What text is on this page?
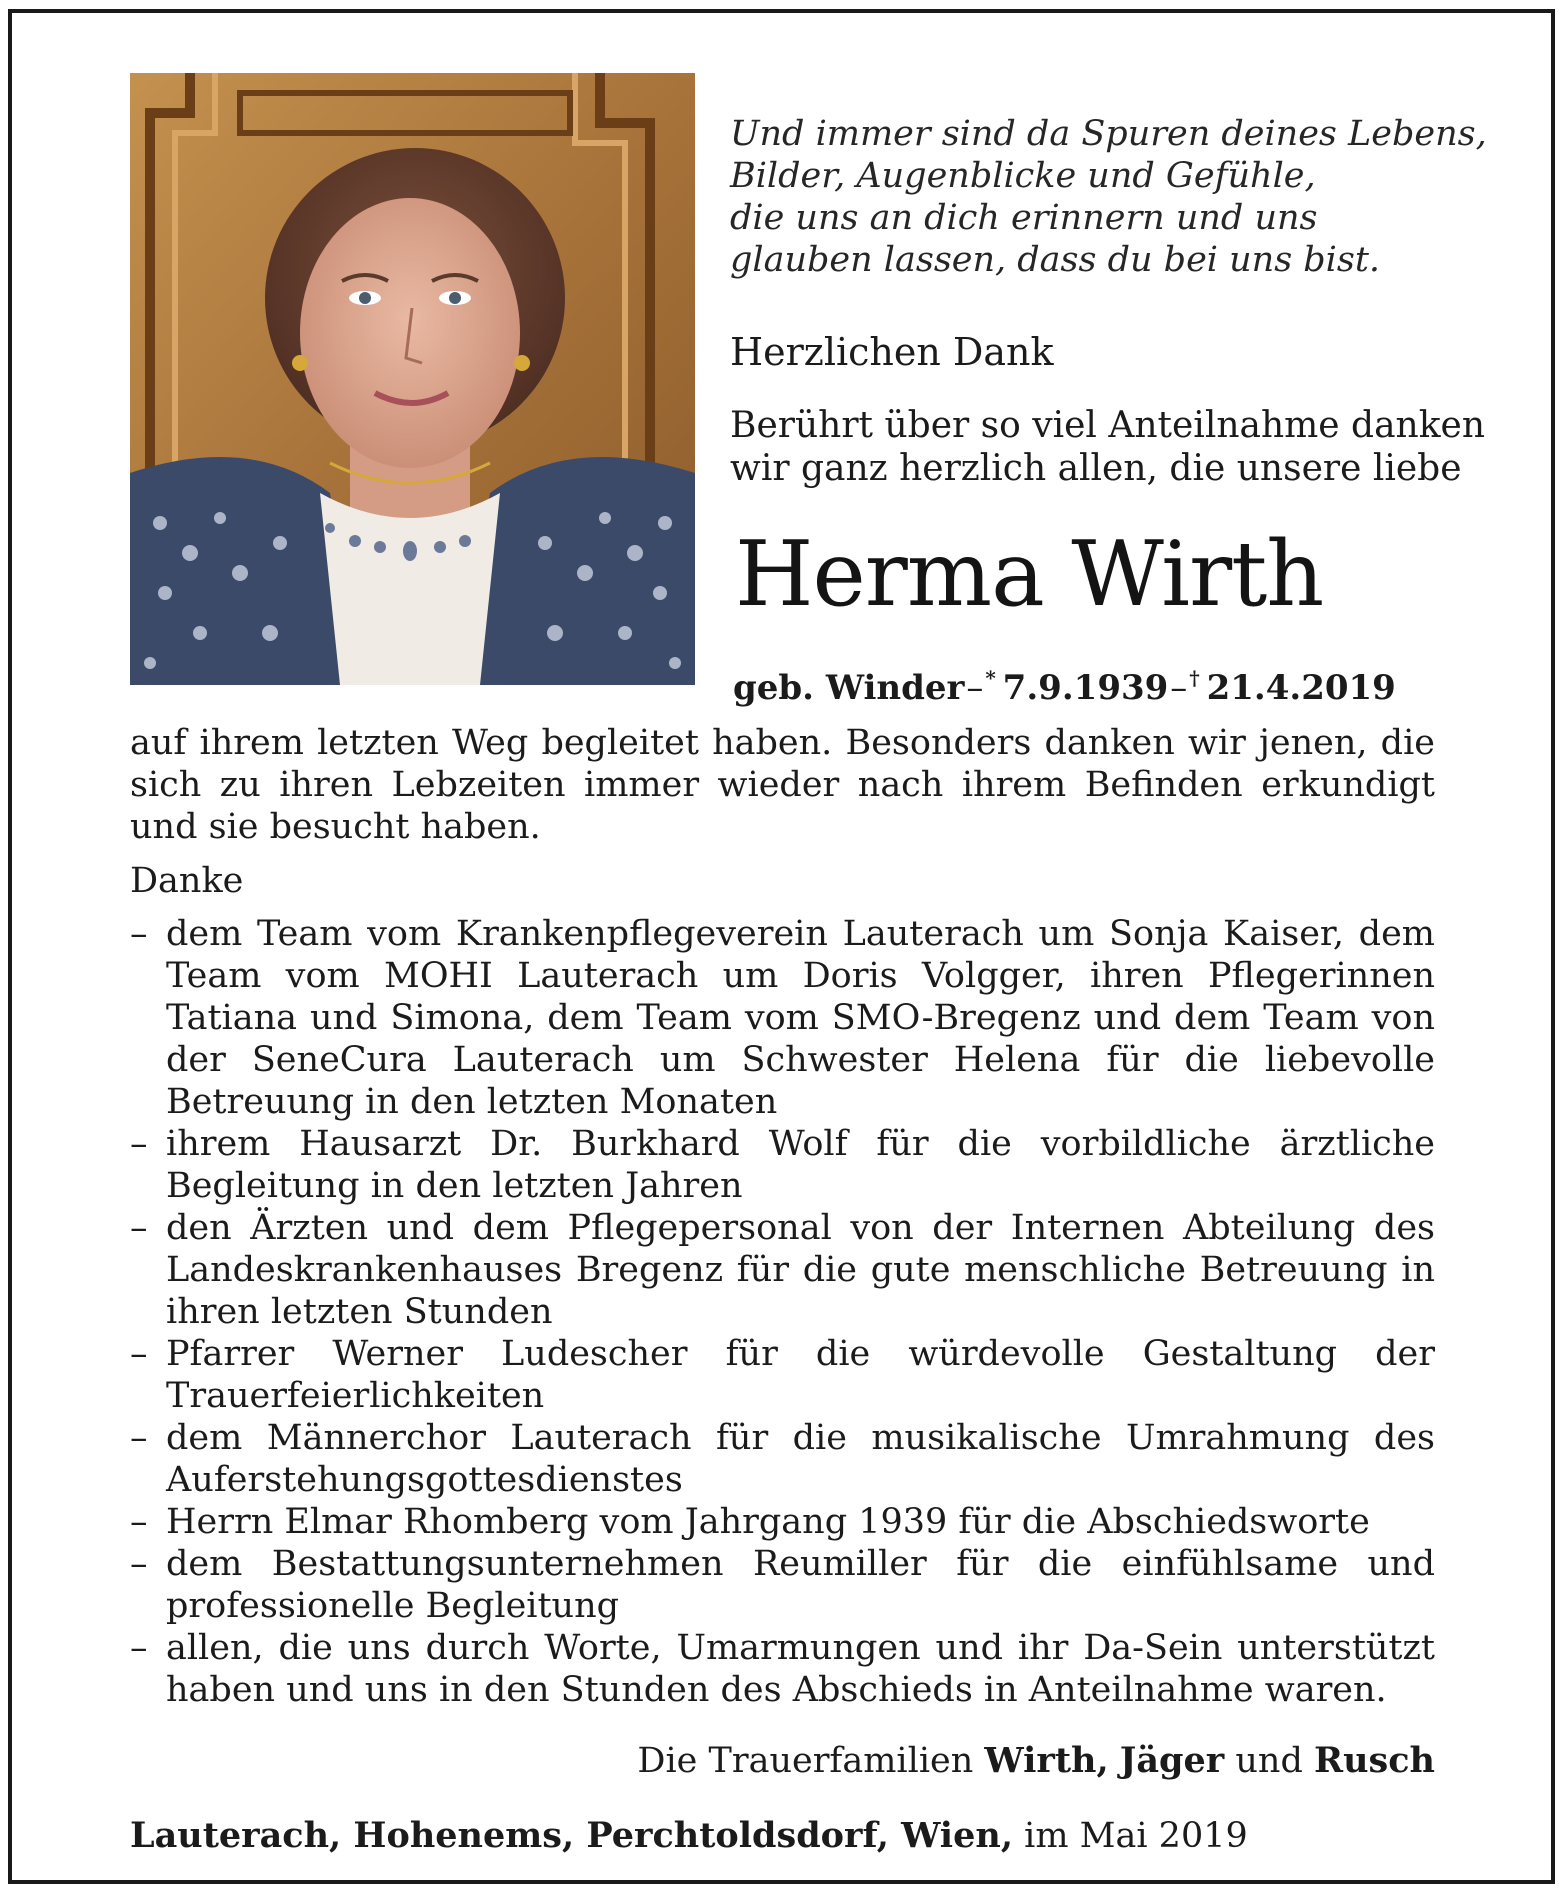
Und immer sind da Spuren deines Lebens,
Bilder, Augenblicke und Gefühle,
die uns an dich erinnern und uns
glauben lassen, dass du bei uns bist.
Herzlichen Dank
Berührt über so viel Anteilnahme danken
wir ganz herzlich allen, die unsere liebe
Herma Wirth
geb. Winder– *  7.9.1939– †  21.4.2019
auf ihrem letzten Weg begleitet haben. Besonders danken wir jenen, die sich zu ihren Lebzeiten immer wieder nach ihrem Befinden erkundigt und sie besucht haben.
Danke
– dem Team vom Krankenpflegeverein Lauterach um Sonja Kaiser, dem Team vom MOHI Lauterach um Doris Volgger, ihren Pflegerinnen Tatiana und Simona, dem Team vom SMO-Bregenz und dem Team von der SeneCura Lauterach um Schwester Helena für die liebevolle Betreuung in den letzten Monaten
– ihrem Hausarzt Dr. Burkhard Wolf für die vorbildliche ärztliche Begleitung in den letzten Jahren
– den Ärzten und dem Pflegepersonal von der Internen Abteilung des Landeskrankenhauses Bregenz für die gute menschliche Betreuung in ihren letzten Stunden
– Pfarrer Werner Ludescher für die würdevolle Gestaltung der Trauerfeierlichkeiten
– dem Männerchor Lauterach für die musikalische Umrahmung des Auferstehungsgottesdienstes
– Herrn Elmar Rhomberg vom Jahrgang 1939 für die Abschiedsworte
– dem Bestattungsunternehmen Reumiller für die einfühlsame und professionelle Begleitung
– allen, die uns durch Worte, Umarmungen und ihr Da-Sein unterstützt haben und uns in den Stunden des Abschieds in Anteilnahme waren.
Die Trauerfamilien Wirth, Jäger und Rusch
Lauterach, Hohenems, Perchtoldsdorf, Wien, im Mai 2019
